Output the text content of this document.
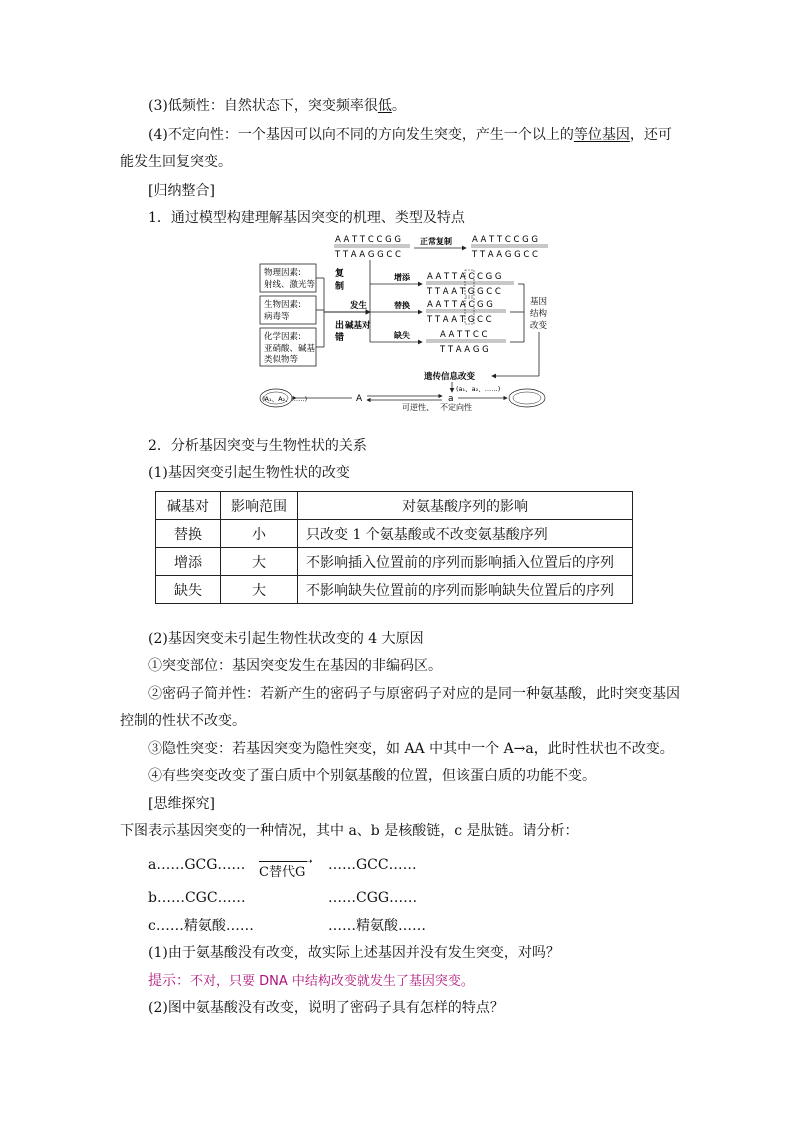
(3)低频性：自然状态下，突变频率很低。
(4)不定向性：一个基因可以向不同的方向发生突变，产生一个以上的等位基因，还可
能发生回复突变。
[归纳整合]
1．通过模型构建理解基因突变的机理、类型及特点
物理因素:
射线、激光等
生物因素:
病毒等
化学因素:
亚硝酸、碱基
类似物等
复
制
出
错
发生
碱基对
A A T T C C G G
T T A A G G C C
正常复制 A A T T C C G G
T T A A G G C C
增添 A A T T A C C G G
T T A A T G G C C
替换 A A T T A C G G
T T A A T G C C
缺失	A A T T C C
T T A A G G
基因
结构
改变
遗传信息改变
(A₁、A₂、……)	A	a
(a₁、a₂、……)
可逆性、 不定向性
2．分析基因突变与生物性状的关系
(1)基因突变引起生物性状的改变
碱基对	影响范围	对氨基酸序列的影响
替换	小	只改变 1 个氨基酸或不改变氨基酸序列
增添	大	不影响插入位置前的序列而影响插入位置后的序列
缺失	大	不影响缺失位置前的序列而影响缺失位置后的序列
(2)基因突变未引起生物性状改变的 4 大原因
①突变部位：基因突变发生在基因的非编码区。
②密码子简并性：若新产生的密码子与原密码子对应的是同一种氨基酸，此时突变基因
控制的性状不改变。
③隐性突变：若基因突变为隐性突变，如 AA 中其中一个 A→a，此时性状也不改变。
④有些突变改变了蛋白质中个别氨基酸的位置，但该蛋白质的功能不变。
[思维探究]
下图表示基因突变的一种情况，其中 a、b 是核酸链，c 是肽链。请分析：
a……GCG……	➝
C替代G ……GCC……
b……CGC……	……CGG……
c……精氨酸……	……精氨酸……
(1)由于氨基酸没有改变，故实际上述基因并没有发生突变，对吗？
提示：不对，只要 DNA 中结构改变就发生了基因突变。
(2)图中氨基酸没有改变，说明了密码子具有怎样的特点？
